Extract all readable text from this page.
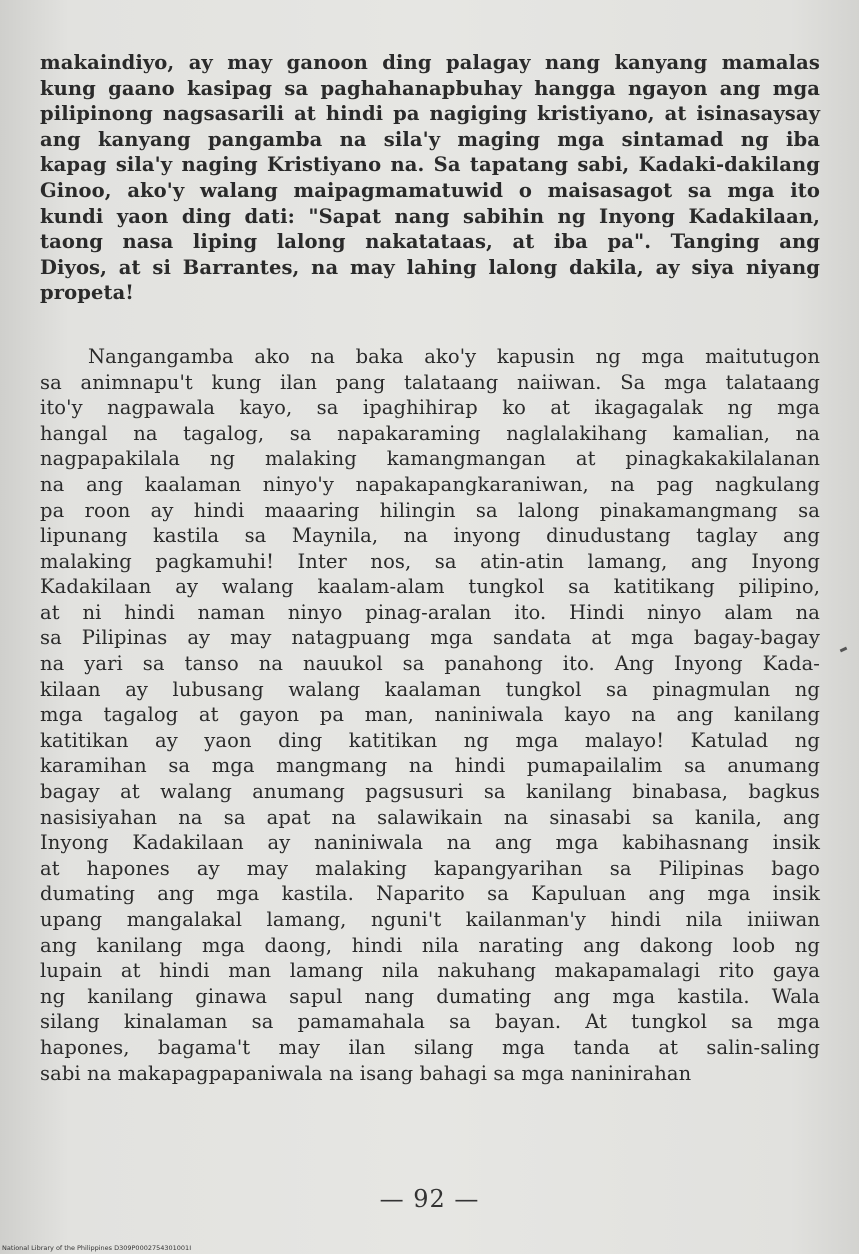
makaindiyo, ay may ganoon ding palagay nang kanyang mamalas
kung gaano kasipag sa paghahanapbuhay hangga ngayon ang mga
pilipinong nagsasarili at hindi pa nagiging kristiyano, at isinasaysay
ang kanyang pangamba na sila'y maging mga sintamad ng iba
kapag sila'y naging Kristiyano na. Sa tapatang sabi, Kadaki-dakilang
Ginoo, ako'y walang maipagmamatuwid o maisasagot sa mga ito
kundi yaon ding dati: "Sapat nang sabihin ng Inyong Kadakilaan,
taong nasa liping lalong nakatataas, at iba pa". Tanging ang
Diyos, at si Barrantes, na may lahing lalong dakila, ay siya niyang
propeta!

Nangangamba ako na baka ako'y kapusin ng mga maitutugon
sa animnapu't kung ilan pang talataang naiiwan. Sa mga talataang
ito'y nagpawala kayo, sa ipaghihirap ko at ikagagalak ng mga
hangal na tagalog, sa napakaraming naglalakihang kamalian, na
nagpapakilala ng malaking kamangmangan at pinagkakakilalanan
na ang kaalaman ninyo'y napakapangkaraniwan, na pag nagkulang
pa roon ay hindi maaaring hilingin sa lalong pinakamangmang sa
lipunang kastila sa Maynila, na inyong dinudustang taglay ang
malaking pagkamuhi! Inter nos, sa atin-atin lamang, ang Inyong
Kadakilaan ay walang kaalam-alam tungkol sa katitikang pilipino,
at ni hindi naman ninyo pinag-aralan ito. Hindi ninyo alam na
sa Pilipinas ay may natagpuang mga sandata at mga bagay-bagay
na yari sa tanso na nauukol sa panahong ito. Ang Inyong Kada-
kilaan ay lubusang walang kaalaman tungkol sa pinagmulan ng
mga tagalog at gayon pa man, naniniwala kayo na ang kanilang
katitikan ay yaon ding katitikan ng mga malayo! Katulad ng
karamihan sa mga mangmang na hindi pumapailalim sa anumang
bagay at walang anumang pagsusuri sa kanilang binabasa, bagkus
nasisiyahan na sa apat na salawikain na sinasabi sa kanila, ang
Inyong Kadakilaan ay naniniwala na ang mga kabihasnang insik
at hapones ay may malaking kapangyarihan sa Pilipinas bago
dumating ang mga kastila. Naparito sa Kapuluan ang mga insik
upang mangalakal lamang, nguni't kailanman'y hindi nila iniiwan
ang kanilang mga daong, hindi nila narating ang dakong loob ng
lupain at hindi man lamang nila nakuhang makapamalagi rito gaya
ng kanilang ginawa sapul nang dumating ang mga kastila. Wala
silang kinalaman sa pamamahala sa bayan. At tungkol sa mga
hapones, bagama't may ilan silang mga tanda at salin-saling
sabi na makapagpapaniwala na isang bahagi sa mga naninirahan

— 92 —
National Library of the Philippines D309P0002754301001I
